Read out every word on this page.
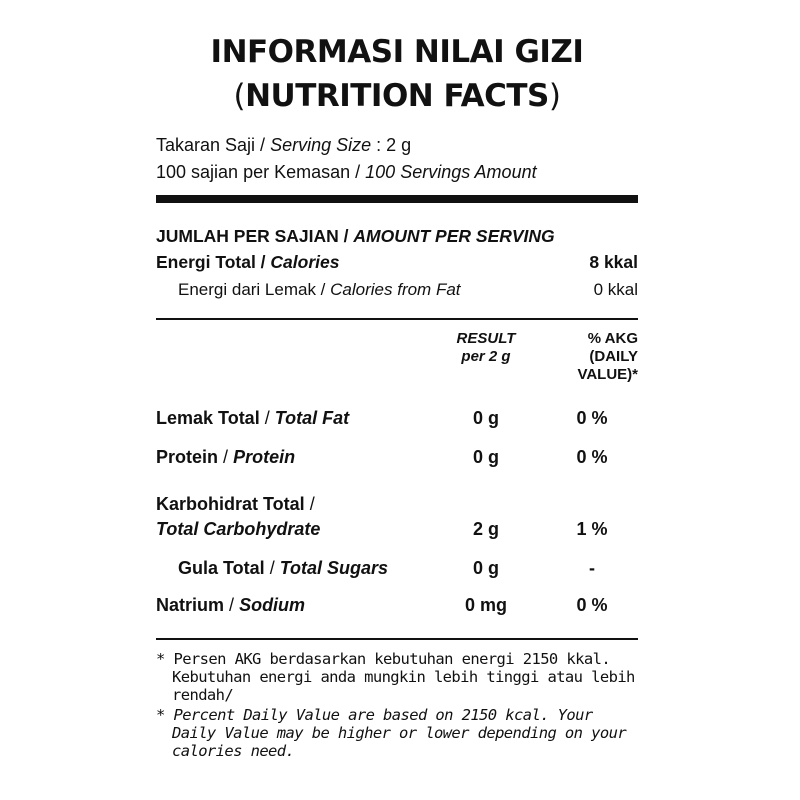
INFORMASI NILAI GIZI
(NUTRITION FACTS)
Takaran Saji / Serving Size : 2 g
100 sajian per Kemasan / 100 Servings Amount
JUMLAH PER SAJIAN / AMOUNT PER SERVING
Energi Total / Calories	8 kkal
Energi dari Lemak / Calories from Fat	0 kkal
RESULT
per 2 g
% AKG (DAILY
VALUE)*
Lemak Total / Total Fat	0 g	0 %
Protein / Protein	0 g	0 %
Karbohidrat Total /
Total Carbohydrate	2 g	1 %
Gula Total / Total Sugars	0 g	-
Natrium / Sodium	0 mg	0 %

* Persen AKG berdasarkan kebutuhan energi 2150 kkal. Kebutuhan energi anda mungkin lebih tinggi atau lebih rendah/

* Percent Daily Value are based on 2150 kcal. Your Daily Value may be higher or lower depending on your calories need.
